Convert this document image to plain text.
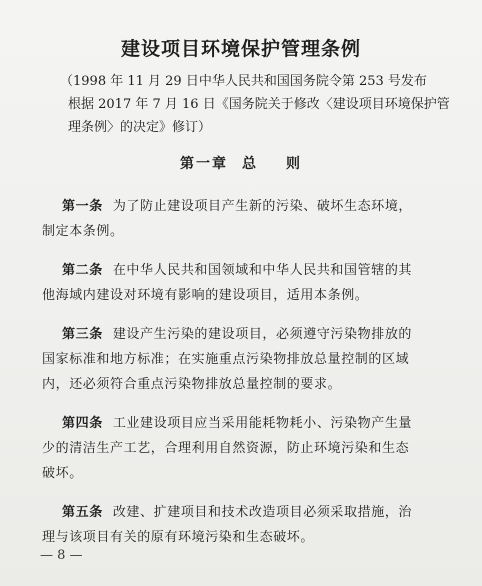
建设项目环境保护管理条例
（1998 年 11 月 29 日中华人民共和国国务院令第 253 号发布
根据 2017 年 7 月 16 日《国务院关于修改〈建设项目环境保护管
理条例〉的决定》修订）
第一章 总 则
第一条 为了防止建设项目产生新的污染、破坏生态环境，
制定本条例。
第二条 在中华人民共和国领域和中华人民共和国管辖的其
他海域内建设对环境有影响的建设项目，适用本条例。
第三条 建设产生污染的建设项目，必须遵守污染物排放的
国家标准和地方标准；在实施重点污染物排放总量控制的区域
内，还必须符合重点污染物排放总量控制的要求。
第四条 工业建设项目应当采用能耗物耗小、污染物产生量
少的清洁生产工艺，合理利用自然资源，防止环境污染和生态
破坏。
第五条 改建、扩建项目和技术改造项目必须采取措施，治
理与该项目有关的原有环境污染和生态破坏。
— 8 —
